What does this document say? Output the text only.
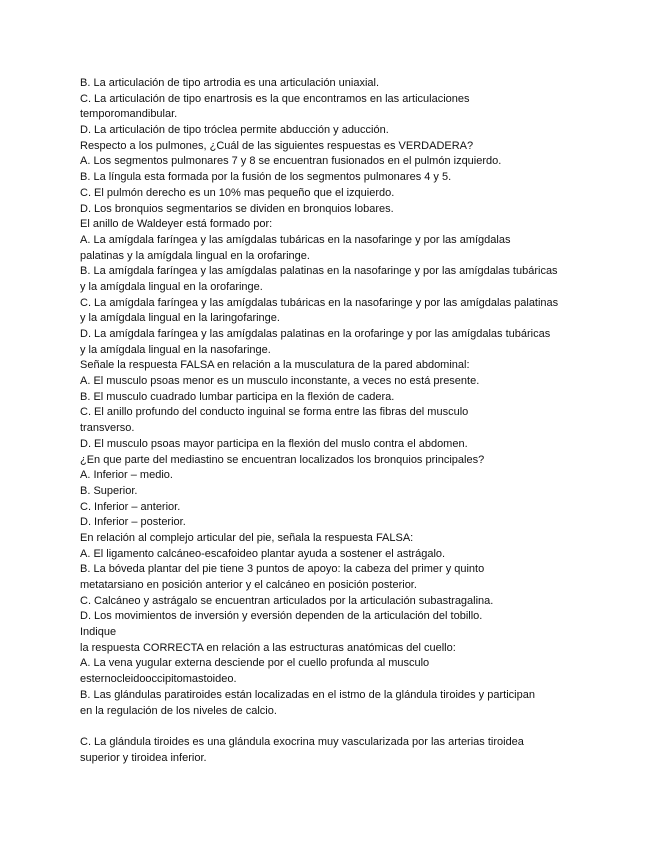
B. La articulación de tipo artrodia es una articulación uniaxial.
C. La articulación de tipo enartrosis es la que encontramos en las articulaciones
temporomandibular.
D. La articulación de tipo tróclea permite abducción y aducción.
Respecto a los pulmones, ¿Cuál de las siguientes respuestas es VERDADERA?
A. Los segmentos pulmonares 7 y 8 se encuentran fusionados en el pulmón izquierdo.
B. La língula esta formada por la fusión de los segmentos pulmonares 4 y 5.
C. El pulmón derecho es un 10% mas pequeño que el izquierdo.
D. Los bronquios segmentarios se dividen en bronquios lobares.
El anillo de Waldeyer está formado por:
A. La amígdala faríngea y las amígdalas tubáricas en la nasofaringe y por las amígdalas
palatinas y la amígdala lingual en la orofaringe.
B. La amígdala faríngea y las amígdalas palatinas en la nasofaringe y por las amígdalas tubáricas
y la amígdala lingual en la orofaringe.
C. La amígdala faríngea y las amígdalas tubáricas en la nasofaringe y por las amígdalas palatinas
y la amígdala lingual en la laringofaringe.
D. La amígdala faríngea y las amígdalas palatinas en la orofaringe y por las amígdalas tubáricas
y la amígdala lingual en la nasofaringe.
Señale la respuesta FALSA en relación a la musculatura de la pared abdominal:
A. El musculo psoas menor es un musculo inconstante, a veces no está presente.
B. El musculo cuadrado lumbar participa en la flexión de cadera.
C. El anillo profundo del conducto inguinal se forma entre las fibras del musculo
transverso.
D. El musculo psoas mayor participa en la flexión del muslo contra el abdomen.
¿En que parte del mediastino se encuentran localizados los bronquios principales?
A. Inferior – medio.
B. Superior.
C. Inferior – anterior.
D. Inferior – posterior.
En relación al complejo articular del pie, señala la respuesta FALSA:
A. El ligamento calcáneo-escafoideo plantar ayuda a sostener el astrágalo.
B. La bóveda plantar del pie tiene 3 puntos de apoyo: la cabeza del primer y quinto
metatarsiano en posición anterior y el calcáneo en posición posterior.
C. Calcáneo y astrágalo se encuentran articulados por la articulación subastragalina.
D. Los movimientos de inversión y eversión dependen de la articulación del tobillo.
Indique
la respuesta CORRECTA en relación a las estructuras anatómicas del cuello:
A. La vena yugular externa desciende por el cuello profunda al musculo
esternocleidooccipitomastoideo.
B. Las glándulas paratiroides están localizadas en el istmo de la glándula tiroides y participan
en la regulación de los niveles de calcio.
C. La glándula tiroides es una glándula exocrina muy vascularizada por las arterias tiroidea
superior y tiroidea inferior.
